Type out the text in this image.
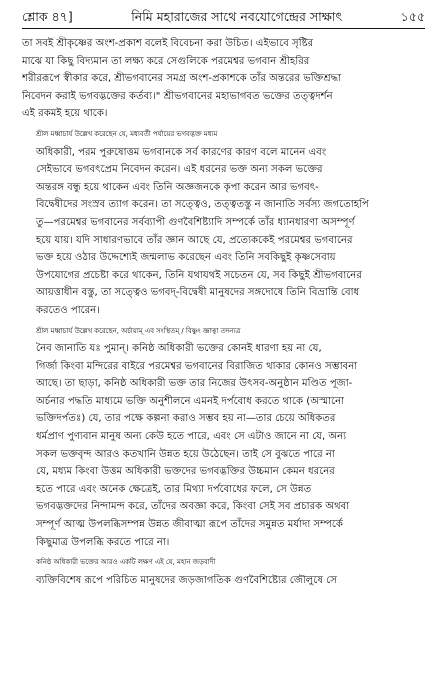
শ্লোক ৪৭]	নিমি মহারাজের সাথে নবযোগেন্দ্রের সাক্ষাৎ	১৫৫

তা সবই শ্রীকৃষ্ণের অংশ-প্রকাশ বলেই বিবেচনা করা উচিত। এইভাবে সৃষ্টির
মাঝে যা কিছু বিদ্যমান তা লক্ষ্য করে সেগুলিকে পরমেশ্বর ভগবান শ্রীহরির
শরীররূপে স্বীকার করে, শ্রীভগবানের সমগ্র অংশ-প্রকাশকে তাঁর অন্তরের ভক্তিশ্রদ্ধা
নিবেদন করাই ভগবদ্ভক্তের কর্তব্য।" শ্রীভগবানের মহাভাগবত ভক্তের তত্ত্বদর্শন
এই রকমই হয়ে থাকে।

শ্রীল মধ্বাচার্য উল্লেখ করেছেন যে, মধ্যবর্তী পর্যায়ের ভগবদ্ভক্ত মধ্যম
অধিকারী, পরম পুরুষোত্তম ভগবানকে সর্ব কারণের কারণ বলে মানেন এবং
সেইভাবে ভগবৎপ্রেম নিবেদন করেন। এই ধরনের ভক্ত অন্য সকল ভক্তের
অন্তরঙ্গ বন্ধু হয়ে থাকেন এবং তিনি অজ্ঞজনকে কৃপা করেন আর ভগবৎ-
বিদ্বেষীদের সংস্রব ত্যাগ করেন। তা সত্ত্বেও, তত্ত্বতস্তু ন জানাতি সর্বস্য জগতোহপি
তু—পরমেশ্বর ভগবানের সর্বব্যাপী গুণবৈশিষ্ট্যাদি সম্পর্কে তাঁর ধ্যানধারণা অসম্পূর্ণ
হয়ে যায়। যদি সাধারণভাবে তাঁর জ্ঞান আছে যে, প্রত্যেককেই পরমেশ্বর ভগবানের
ভক্ত হয়ে ওঠার উদ্দেশ্যেই জন্মলাভ করেছেন এবং তিনি সবকিছুই কৃষ্ণসেবায়
উপযোগের প্রচেষ্টা করে থাকেন, তিনি যথাযথই সচেতন যে, সব কিছুই শ্রীভগবানের
আয়ত্তাধীন বস্তু, তা সত্ত্বেও ভগবদ্-বিদ্বেষী মানুষদের সঙ্গদোষে তিনি বিভ্রান্তি বোধ
করতেও পারেন।

শ্রীল মধ্বাচার্য উল্লেখ করেছেন, অর্চায়াম্ এব সংস্থিতম্ / বিষ্ণুং জ্ঞাত্বা তদন্যত্র
নৈব জানাতি যঃ পুমান্। কনিষ্ঠ অধিকারী ভক্তের কোনই ধারণা হয় না যে,
গির্জা কিংবা মন্দিরের বাইরে পরমেশ্বর ভগবানের বিরাজিত থাকার কোনও সম্ভাবনা
আছে। তা ছাড়া, কনিষ্ঠ অধিকারী ভক্ত তার নিজের উৎসব-অনুষ্ঠান মণ্ডিত পূজা-
অর্চনার পদ্ধতি মাধ্যমে ভক্তি অনুশীলনে এমনই দর্পবোধ করতে থাকে (অস্মানো
ভক্তিদর্পতঃ) যে, তার পক্ষে কল্পনা করাও সম্ভব হয় না—তার চেয়ে অধিকতর
ধর্মপ্রাণ পুণ্যবান মানুষ অন্য কেউ হতে পারে, এবং সে এটাও জানে না যে, অন্য
সকল ভক্তবৃন্দ আরও কতখানি উন্নত হয়ে উঠেছেন। তাই সে বুঝতে পারে না
যে, মধ্যম কিংবা উত্তম অধিকারী ভক্তদের ভগবদ্ভক্তির উচ্চমান কেমন ধরনের
হতে পারে এবং অনেক ক্ষেত্রেই, তার মিথ্যা দর্পবোধের ফলে, সে উন্নত
ভগবদ্ভক্তদের নিন্দামন্দ করে, তাঁদের অবজ্ঞা করে, কিংবা সেই সব প্রচারক অথবা
সম্পূর্ণ আত্ম উপলব্ধিসম্পন্ন উন্নত জীবাত্মা রূপে তাঁদের সমুন্নত মর্যাদা সম্পর্কে
কিছুমাত্র উপলব্ধি করতে পারে না।

কনিষ্ঠ অধিকারী ভক্তের আরও একটি লক্ষণ এই যে, মহান জড়বাদী
ব্যক্তিবিশেষ রূপে পরিচিত মানুষদের জড়জাগতিক গুণবৈশিষ্ট্যের জৌলুষে সে
